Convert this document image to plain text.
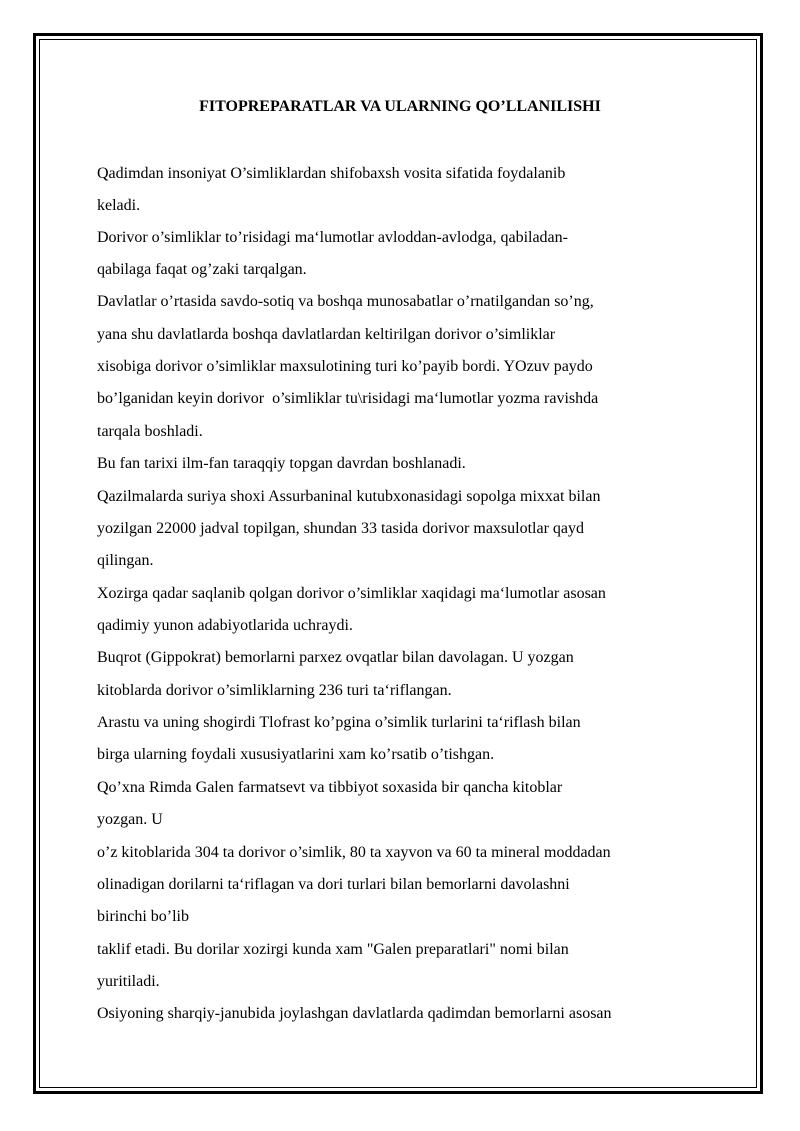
FITOPREPARATLAR VA ULARNING QO’LLANILISHI

Qadimdan insoniyat O’simliklardan shifobaxsh vosita sifatida foydalanib

keladi.

Dorivor o’simliklar to’risidagi ma‘lumotlar avloddan-avlodga, qabiladan-

qabilaga faqat og’zaki tarqalgan.

Davlatlar o’rtasida savdo-sotiq va boshqa munosabatlar o’rnatilgandan so’ng,

yana shu davlatlarda boshqa davlatlardan keltirilgan dorivor o’simliklar

xisobiga dorivor o’simliklar maxsulotining turi ko’payib bordi. YOzuv paydo

bo’lganidan keyin dorivor  o’simliklar tu\risidagi ma‘lumotlar yozma ravishda

tarqala boshladi.

Bu fan tarixi ilm-fan taraqqiy topgan davrdan boshlanadi.

Qazilmalarda suriya shoxi Assurbaninal kutubxonasidagi sopolga mixxat bilan

yozilgan 22000 jadval topilgan, shundan 33 tasida dorivor maxsulotlar qayd

qilingan.

Xozirga qadar saqlanib qolgan dorivor o’simliklar xaqidagi ma‘lumotlar asosan

qadimiy yunon adabiyotlarida uchraydi.

Buqrot (Gippokrat) bemorlarni parxez ovqatlar bilan davolagan. U yozgan

kitoblarda dorivor o’simliklarning 236 turi ta‘riflangan.

Arastu va uning shogirdi Tlofrast ko’pgina o’simlik turlarini ta‘riflash bilan

birga ularning foydali xususiyatlarini xam ko’rsatib o’tishgan.

Qo’xna Rimda Galen farmatsevt va tibbiyot soxasida bir qancha kitoblar

yozgan. U

o’z kitoblarida 304 ta dorivor o’simlik, 80 ta xayvon va 60 ta mineral moddadan

olinadigan dorilarni ta‘riflagan va dori turlari bilan bemorlarni davolashni

birinchi bo’lib

taklif etadi. Bu dorilar xozirgi kunda xam "Galen preparatlari" nomi bilan

yuritiladi.

Osiyoning sharqiy-janubida joylashgan davlatlarda qadimdan bemorlarni asosan
